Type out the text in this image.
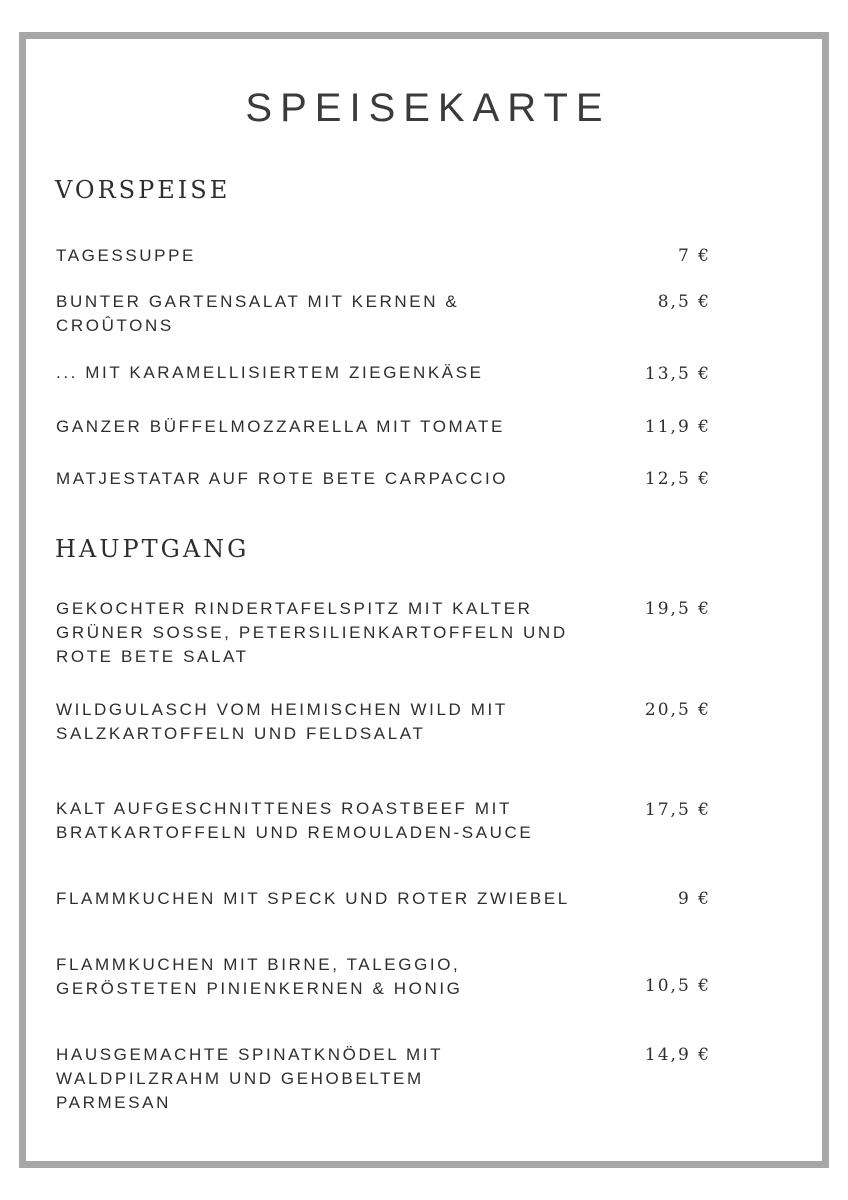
SPEISEKARTE
VORSPEISE
TAGESSUPPE	7 €
BUNTER GARTENSALAT MIT KERNEN &
CROÛTONS
8,5 €
... MIT KARAMELLISIERTEM ZIEGENKÄSE	13,5 €
GANZER BÜFFELMOZZARELLA MIT TOMATE	11,9 €
MATJESTATAR AUF ROTE BETE CARPACCIO	12,5 €
HAUPTGANG
GEKOCHTER RINDERTAFELSPITZ MIT KALTER
GRÜNER SOSSE, PETERSILIENKARTOFFELN UND
ROTE BETE SALAT
19,5 €
WILDGULASCH VOM HEIMISCHEN WILD MIT
SALZKARTOFFELN UND FELDSALAT
20,5 €
KALT AUFGESCHNITTENES ROASTBEEF MIT
BRATKARTOFFELN UND REMOULADEN-SAUCE
17,5 €
FLAMMKUCHEN MIT SPECK UND ROTER ZWIEBEL	9 €
FLAMMKUCHEN MIT BIRNE, TALEGGIO,
GERÖSTETEN PINIENKERNEN & HONIG	10,5 €
HAUSGEMACHTE SPINATKNÖDEL MIT
WALDPILZRAHM UND GEHOBELTEM
PARMESAN
14,9 €
